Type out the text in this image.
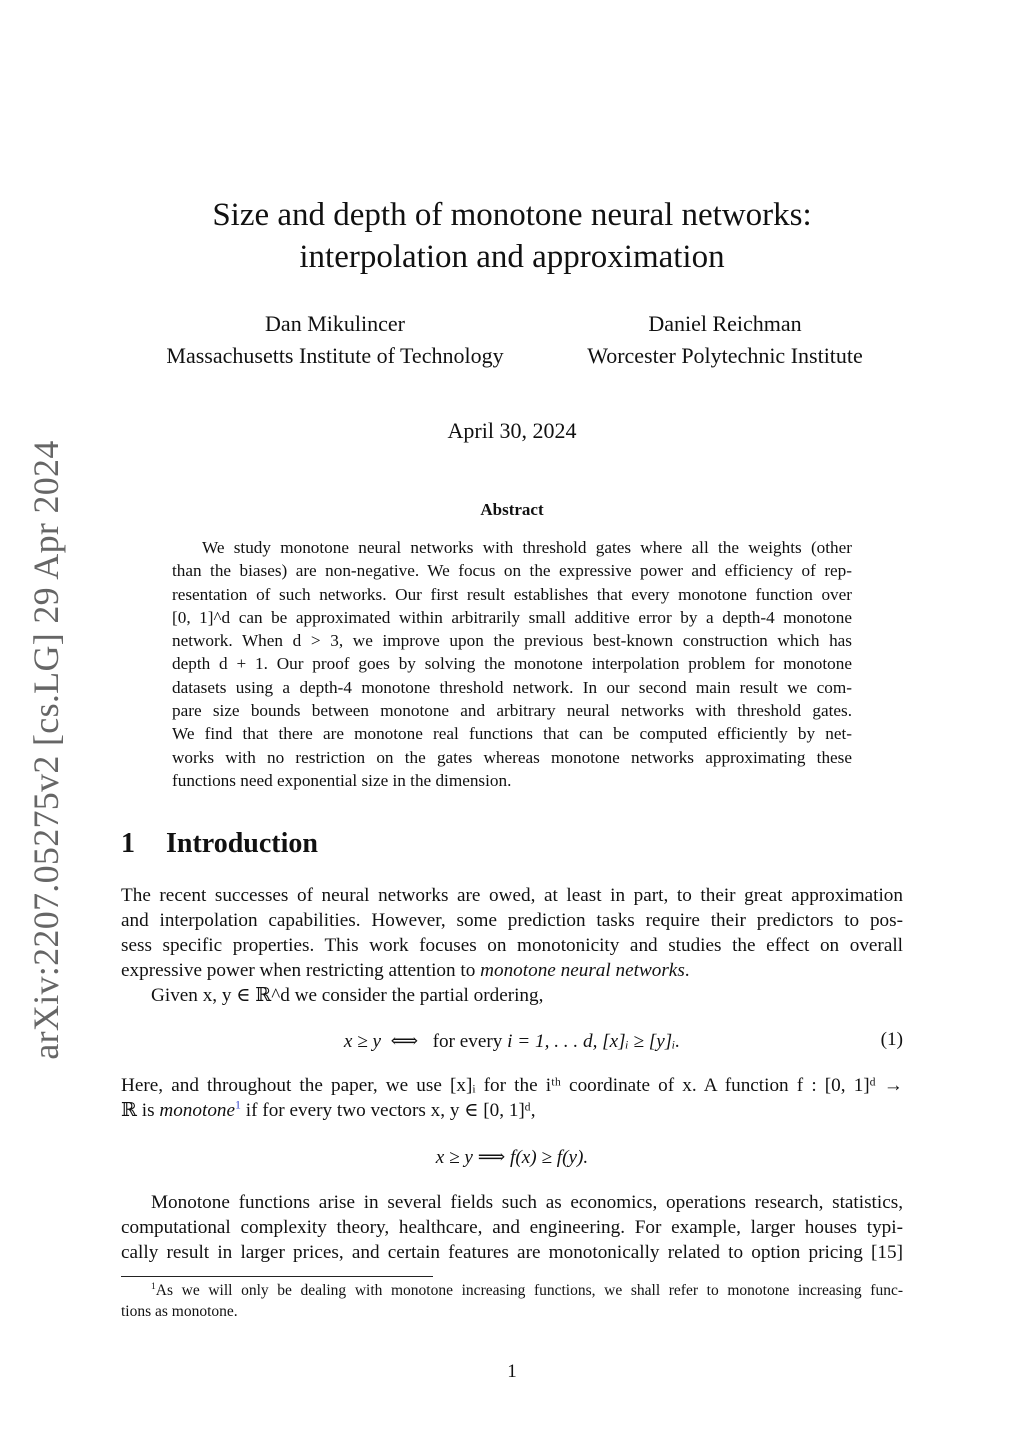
arXiv:2207.05275v2 [cs.LG] 29 Apr 2024
Size and depth of monotone neural networks:
interpolation and approximation
Dan Mikulincer
Massachusetts Institute of Technology
Daniel Reichman
Worcester Polytechnic Institute
April 30, 2024
Abstract
We study monotone neural networks with threshold gates where all the weights (other
than the biases) are non-negative. We focus on the expressive power and efficiency of rep-
resentation of such networks. Our first result establishes that every monotone function over
[0, 1]^d can be approximated within arbitrarily small additive error by a depth-4 monotone
network. When d > 3, we improve upon the previous best-known construction which has
depth d + 1. Our proof goes by solving the monotone interpolation problem for monotone
datasets using a depth-4 monotone threshold network. In our second main result we com-
pare size bounds between monotone and arbitrary neural networks with threshold gates.
We find that there are monotone real functions that can be computed efficiently by net-
works with no restriction on the gates whereas monotone networks approximating these
functions need exponential size in the dimension.
1 Introduction
The recent successes of neural networks are owed, at least in part, to their great approximation
and interpolation capabilities. However, some prediction tasks require their predictors to pos-
sess specific properties. This work focuses on monotonicity and studies the effect on overall
expressive power when restricting attention to monotone neural networks.
Given x, y ∈ ℝ^d we consider the partial ordering,
x ≥ y ⟺ for every i = 1, . . . d, [x]ᵢ ≥ [y]ᵢ.	(1)
Here, and throughout the paper, we use [x]ᵢ for the iᵗʰ coordinate of x. A function f : [0, 1]ᵈ →
ℝ is monotone$^1$ if for every two vectors x, y ∈ [0, 1]ᵈ,
x ≥ y ⟹ f(x) ≥ f(y).
Monotone functions arise in several fields such as economics, operations research, statistics,
computational complexity theory, healthcare, and engineering. For example, larger houses typi-
cally result in larger prices, and certain features are monotonically related to option pricing [15]
$^1$As we will only be dealing with monotone increasing functions, we shall refer to monotone increasing func-
tions as monotone.
1
